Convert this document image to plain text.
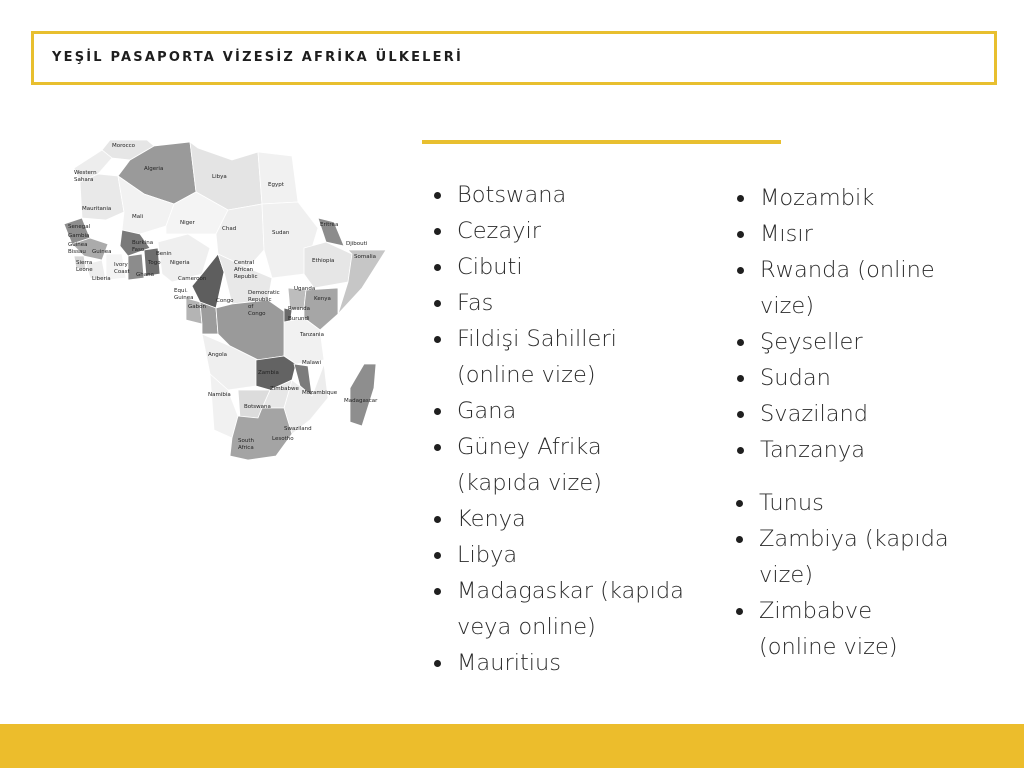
YEŞİL PASAPORTA VİZESİZ AFRİKA ÜLKELERİ
Morocco
Algeria
Libya
Egypt
Western
Sahara
Mauritania
Mali
Niger
Chad
Sudan
Eritrea
Djibouti
Senegal
Gambia
Guinea
Bissau Guinea
Sierra
Leone
Liberia
Burkina
Faso
Ivory
Coast Ghana
Togo
Benin
Nigeria	Ethiopia
Somalia
Cameroon
Central
African
Republic
Equi.
Guinea
Gabon
Congo
Democratic
Republic
of
Congo
Uganda
Kenya
Rwanda
Burundi
Tanzania
Angola
Zambia
Malawi
Mozambique
Namibia
Zimbabwe
Botswana
Madagascar
Swaziland
Lesotho
South
Africa
Botswana
Cezayir
Cibuti
Fas
Fildişi Sahilleri
(online vize)
Gana
Güney Afrika
(kapıda vize)
Kenya
Libya
Madagaskar (kapıda
veya online)
Mauritius
Mozambik
Mısır
Rwanda (online
vize)
Şeyseller
Sudan
Svaziland
Tanzanya
Tunus
Zambiya (kapıda
vize)
Zimbabve
(online vize)
